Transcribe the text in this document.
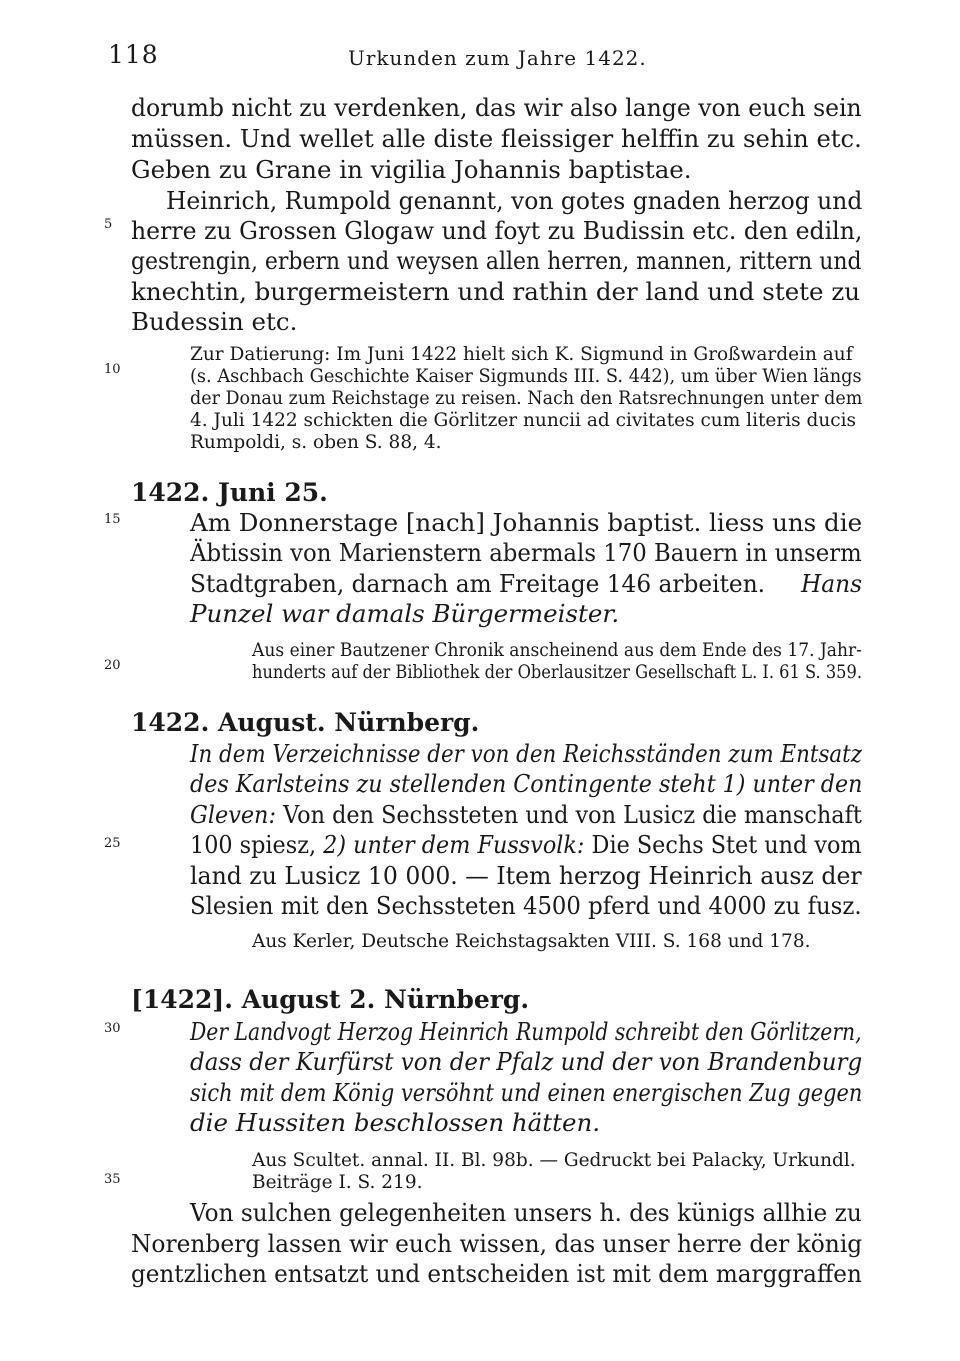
118	Urkunden zum Jahre 1422.
5
10
15
20
25
30
35
dorumb nicht zu verdenken, das wir also lange von euch sein
müssen. Und wellet alle diste fleissiger helffin zu sehin etc.
Geben zu Grane in vigilia Johannis baptistae.
Heinrich, Rumpold genannt, von gotes gnaden herzog und
herre zu Grossen Glogaw und foyt zu Budissin etc. den ediln,
gestrengin, erbern und weysen allen herren, mannen, rittern und
knechtin, burgermeistern und rathin der land und stete zu
Budessin etc.
Zur Datierung: Im Juni 1422 hielt sich K. Sigmund in Großwardein auf
(s. Aschbach Geschichte Kaiser Sigmunds III. S. 442), um über Wien längs
der Donau zum Reichstage zu reisen. Nach den Ratsrechnungen unter dem
4. Juli 1422 schickten die Görlitzer nuncii ad civitates cum literis ducis
Rumpoldi, s. oben S. 88, 4.
1422. Juni 25.
Am Donnerstage [nach] Johannis baptist. liess uns die
Äbtissin von Marienstern abermals 170 Bauern in unserm
Stadtgraben, darnach am Freitage 146 arbeiten. Hans
Punzel war damals Bürgermeister.
Aus einer Bautzener Chronik anscheinend aus dem Ende des 17. Jahr-
hunderts auf der Bibliothek der Oberlausitzer Gesellschaft L. I. 61 S. 359.
1422. August. Nürnberg.
In dem Verzeichnisse der von den Reichsständen zum Entsatz
des Karlsteins zu stellenden Contingente steht 1) unter den
Gleven: Von den Sechssteten und von Lusicz die manschaft
100 spiesz, 2) unter dem Fussvolk: Die Sechs Stet und vom
land zu Lusicz 10 000. — Item herzog Heinrich ausz der
Slesien mit den Sechssteten 4500 pferd und 4000 zu fusz.
Aus Kerler, Deutsche Reichstagsakten VIII. S. 168 und 178.
[1422]. August 2. Nürnberg.
Der Landvogt Herzog Heinrich Rumpold schreibt den Görlitzern,
dass der Kurfürst von der Pfalz und der von Brandenburg
sich mit dem König versöhnt und einen energischen Zug gegen
die Hussiten beschlossen hätten.
Aus Scultet. annal. II. Bl. 98b. — Gedruckt bei Palacky, Urkundl.
Beiträge I. S. 219.
Von sulchen gelegenheiten unsers h. des künigs allhie zu
Norenberg lassen wir euch wissen, das unser herre der könig
gentzlichen entsatzt und entscheiden ist mit dem marggraffen
